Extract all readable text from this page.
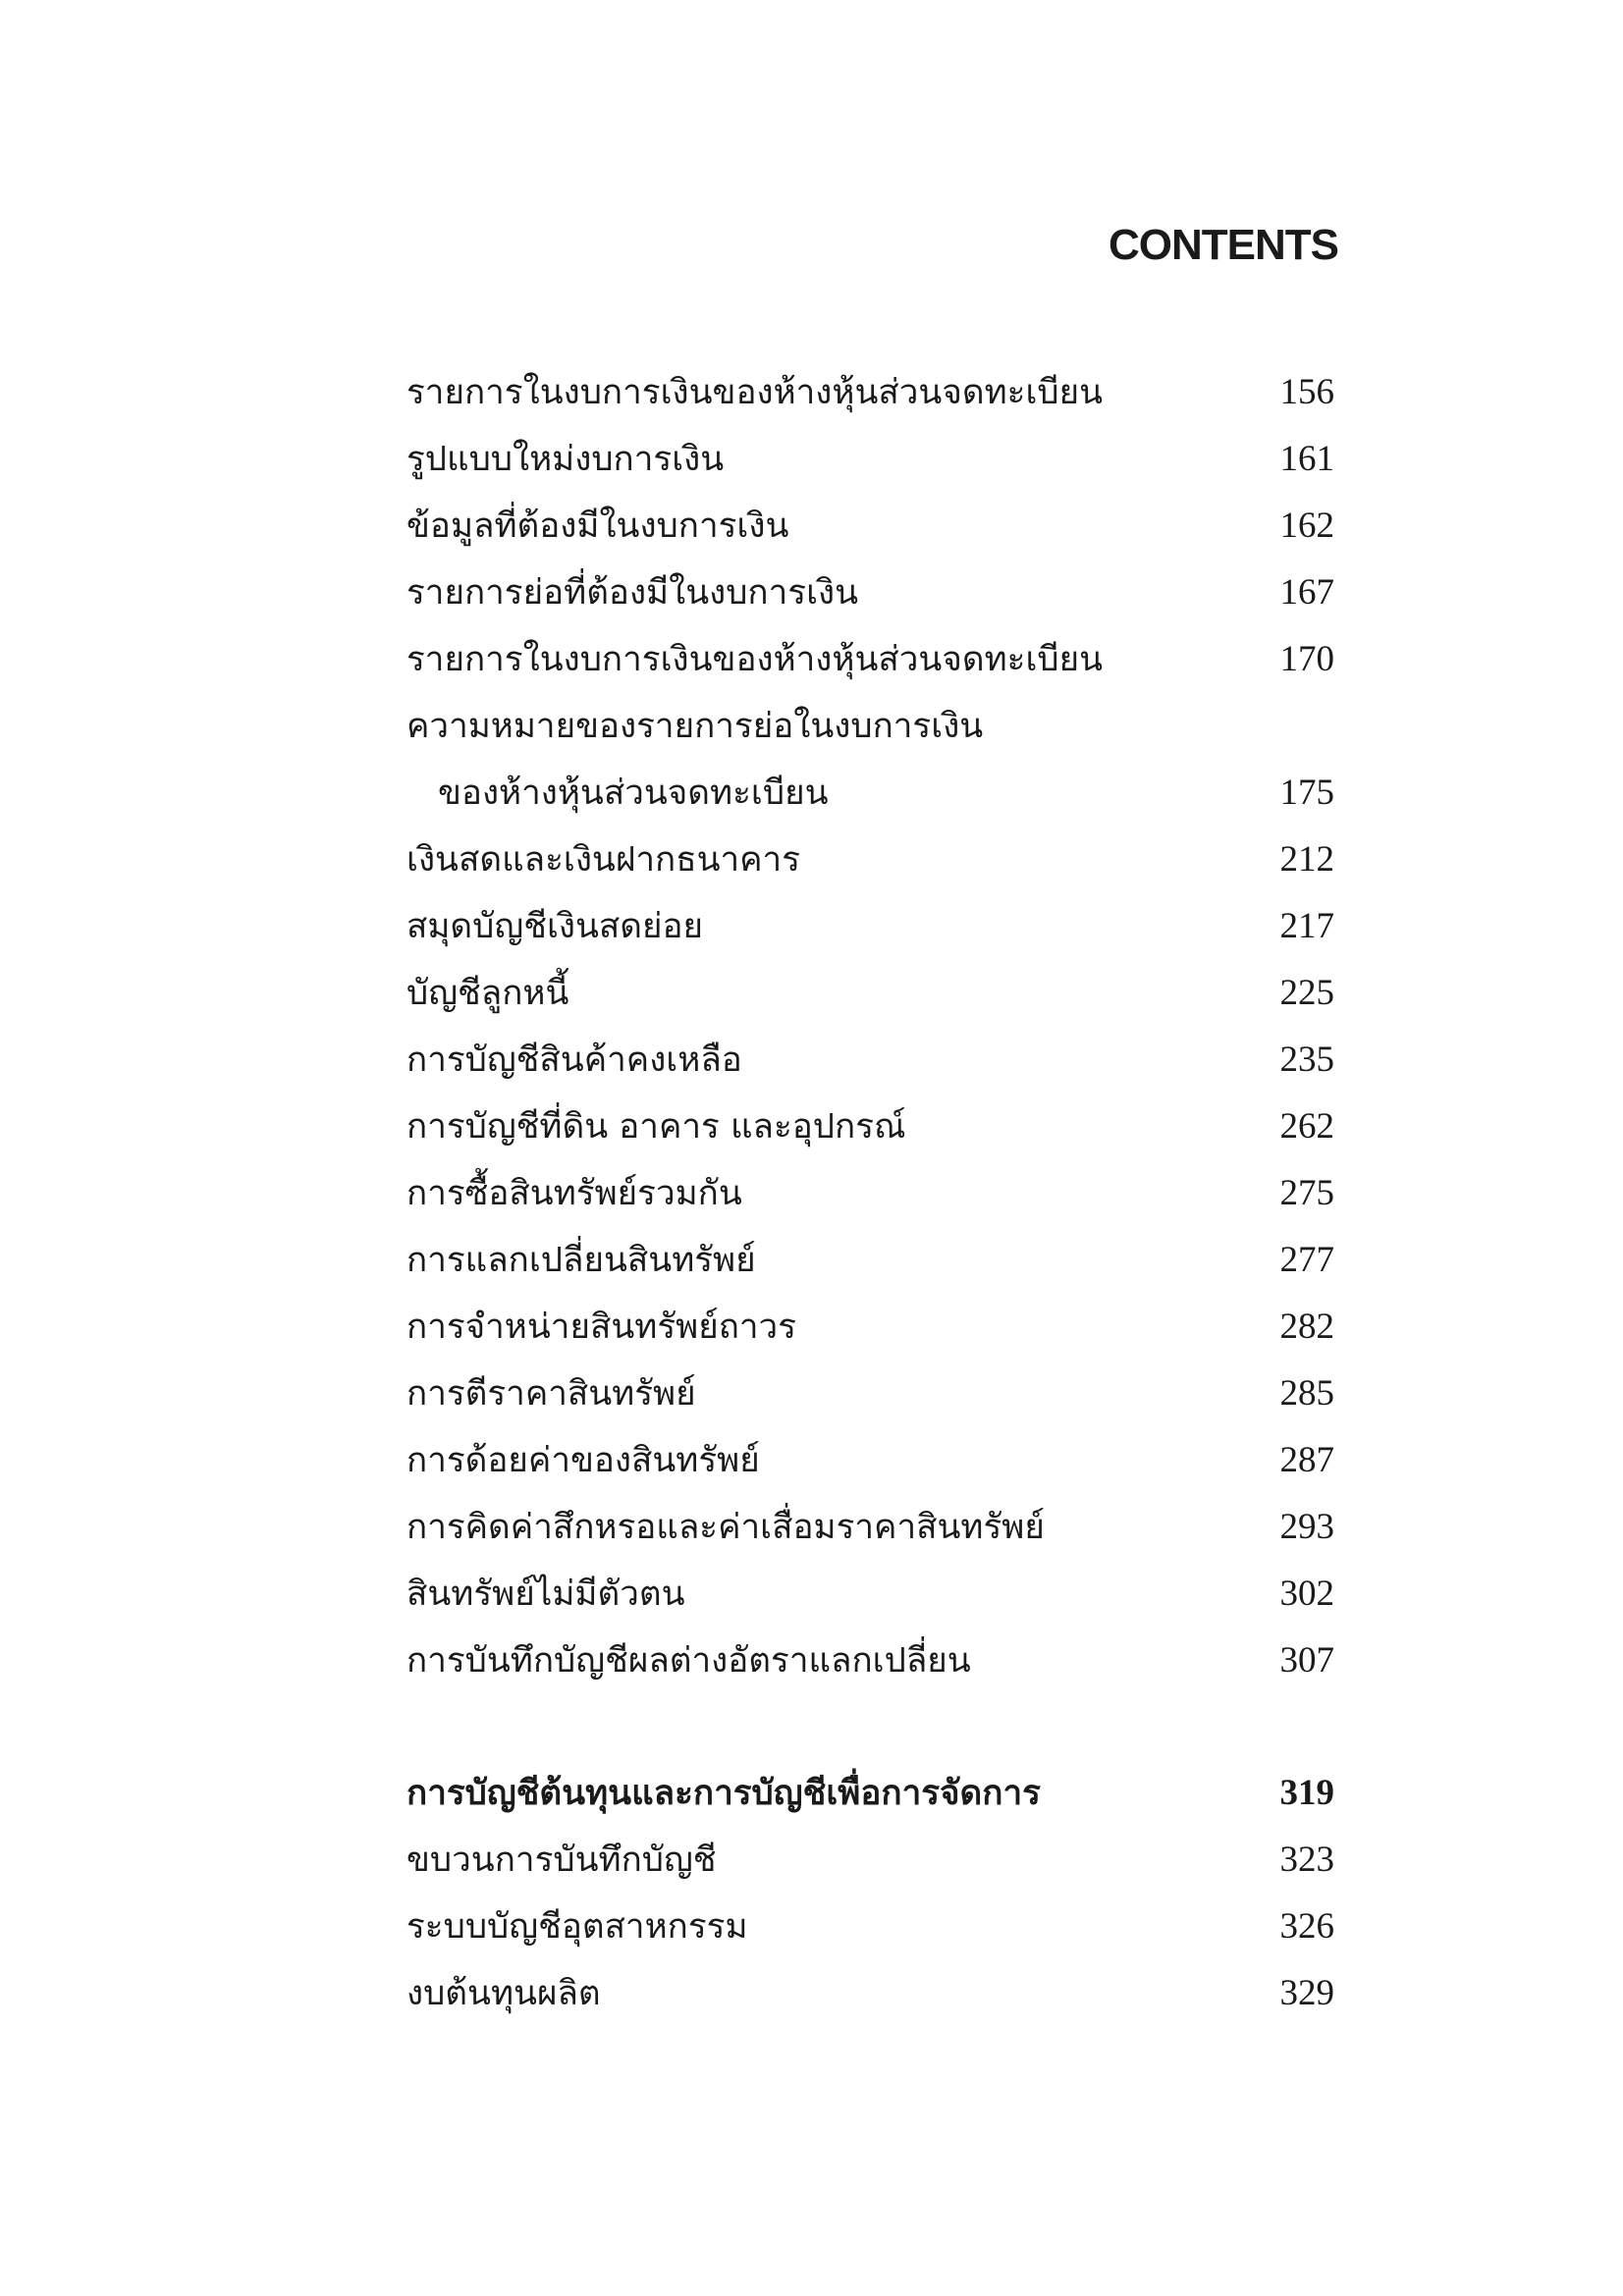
CONTENTS
รายการในงบการเงินของห้างหุ้นส่วนจดทะเบียน	156
รูปแบบใหม่งบการเงิน	161
ข้อมูลที่ต้องมีในงบการเงิน	162
รายการย่อที่ต้องมีในงบการเงิน	167
รายการในงบการเงินของห้างหุ้นส่วนจดทะเบียน	170
ความหมายของรายการย่อในงบการเงิน
ของห้างหุ้นส่วนจดทะเบียน	175
เงินสดและเงินฝากธนาคาร	212
สมุดบัญชีเงินสดย่อย	217
บัญชีลูกหนี้	225
การบัญชีสินค้าคงเหลือ	235
การบัญชีที่ดิน อาคาร และอุปกรณ์	262
การซื้อสินทรัพย์รวมกัน	275
การแลกเปลี่ยนสินทรัพย์	277
การจำหน่ายสินทรัพย์ถาวร	282
การตีราคาสินทรัพย์	285
การด้อยค่าของสินทรัพย์	287
การคิดค่าสึกหรอและค่าเสื่อมราคาสินทรัพย์	293
สินทรัพย์ไม่มีตัวตน	302
การบันทึกบัญชีผลต่างอัตราแลกเปลี่ยน	307
การบัญชีต้นทุนและการบัญชีเพื่อการจัดการ	319
ขบวนการบันทึกบัญชี	323
ระบบบัญชีอุตสาหกรรม	326
งบต้นทุนผลิต	329
